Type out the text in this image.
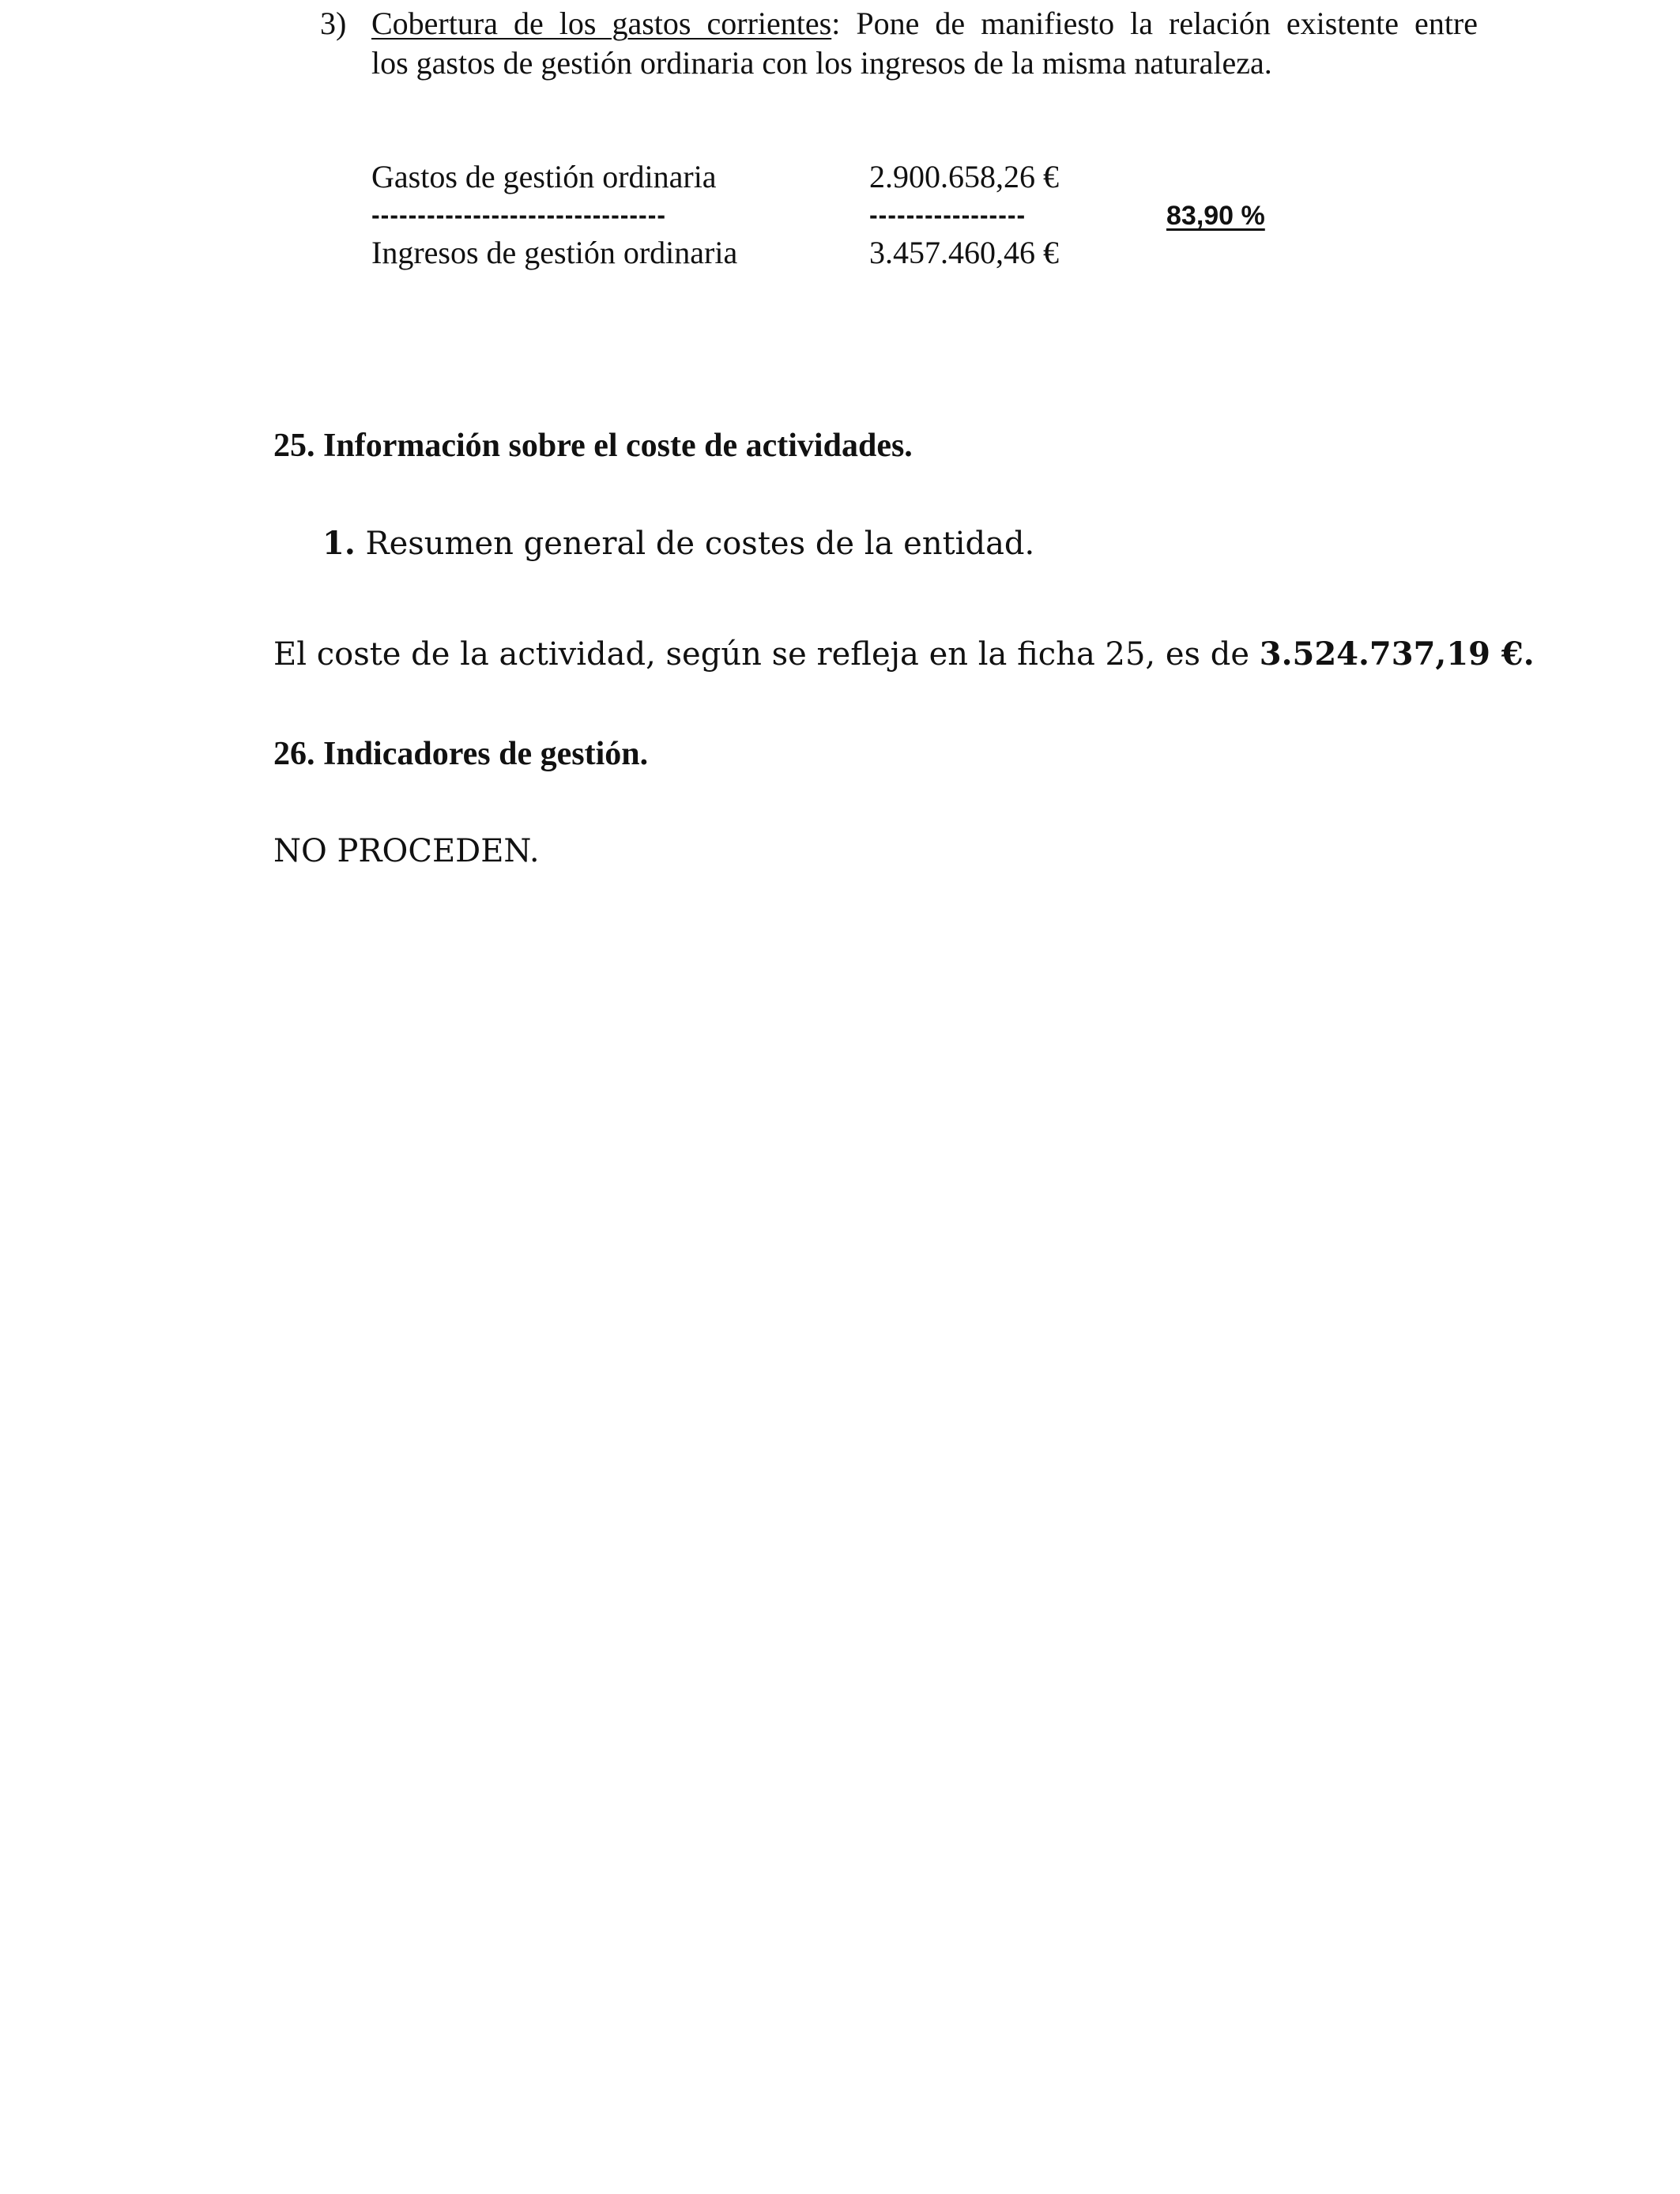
3) Cobertura de los gastos corrientes: Pone de manifiesto la relación existente entre
los gastos de gestión ordinaria con los ingresos de la misma naturaleza.
Gastos de gestión ordinaria	2.900.658,26 €
--------------------------------	-----------------	83,90 %
Ingresos de gestión ordinaria	3.457.460,46 €
25. Información sobre el coste de actividades.
1. Resumen general de costes de la entidad.
El coste de la actividad, según se refleja en la ficha 25, es de 3.524.737,19 €.
26. Indicadores de gestión.
NO PROCEDEN.
